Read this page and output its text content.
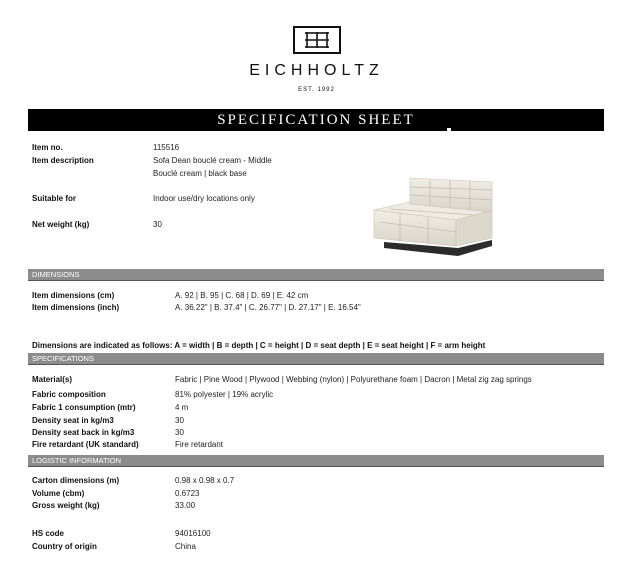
EICHHOLTZ
EST. 1992
SPECIFICATION SHEET
Item no.	115516
Item description	Sofa Dean bouclé cream - Middle
Bouclé cream | black base
Suitable for	Indoor use/dry locations only
Net weight (kg)	30
DIMENSIONS
Item dimensions (cm)	A. 92 | B. 95 | C. 68 | D. 69 | E. 42 cm
Item dimensions (inch)	A. 36.22" | B. 37.4" | C. 26.77" | D. 27.17" | E. 16.54"
Dimensions are indicated as follows: A = width | B = depth | C = height | D = seat depth | E = seat height | F = arm height
SPECIFICATIONS
Material(s)	Fabric | Pine Wood | Plywood | Webbing (nylon) | Polyurethane foam | Dacron | Metal zig zag springs
Fabric composition	81% polyester | 19% acrylic
Fabric 1 consumption (mtr)	4 m
Density seat in kg/m3	30
Density seat back in kg/m3	30
Fire retardant (UK standard)	Fire retardant
LOGISTIC INFORMATION
Carton dimensions (m)	0.98 x 0.98 x 0.7
Volume (cbm)	0.6723
Gross weight (kg)	33.00
HS code	94016100
Country of origin	China
